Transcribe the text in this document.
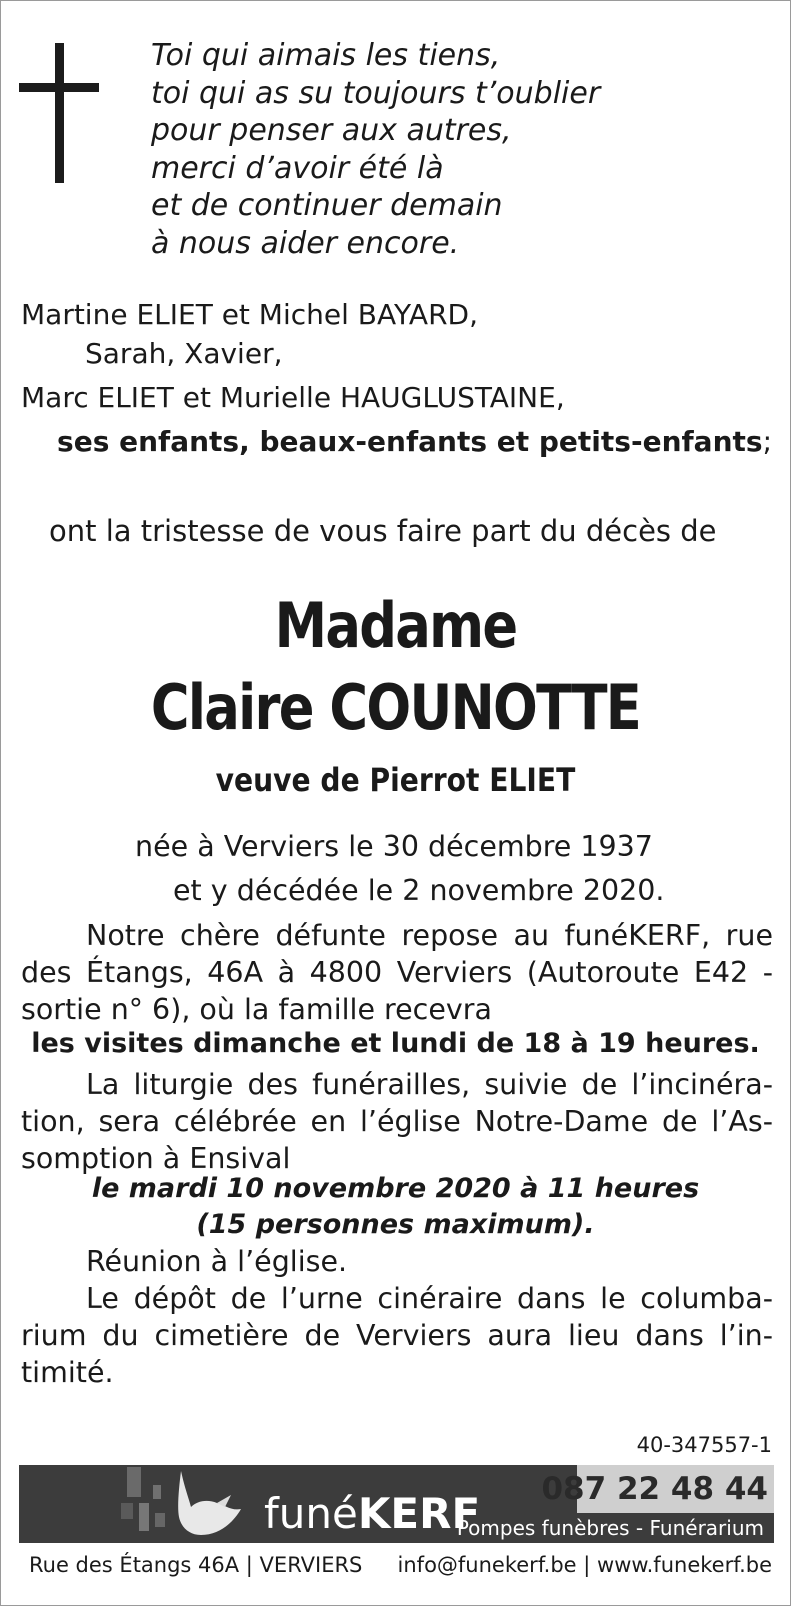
Toi qui aimais les tiens,
toi qui as su toujours t’oublier
pour penser aux autres,
merci d’avoir été là
et de continuer demain
à nous aider encore.
Martine ELIET et Michel BAYARD,
Sarah, Xavier,
Marc ELIET et Murielle HAUGLUSTAINE,
ses enfants, beaux-enfants et petits-enfants;
ont la tristesse de vous faire part du décès de
Madame
Claire COUNOTTE
veuve de Pierrot ELIET
née à Verviers le 30 décembre 1937
et y décédée le 2 novembre 2020.
Notre chère défunte repose au funéKERF, rue
des Étangs, 46A à 4800 Verviers (Autoroute E42 -
sortie n° 6), où la famille recevra
les visites dimanche et lundi de 18 à 19 heures.
La liturgie des funérailles, suivie de l’incinéra-
tion, sera célébrée en l’église Notre-Dame de l’As-
somption à Ensival
le mardi 10 novembre 2020 à 11 heures
(15 personnes maximum).
Réunion à l’église.
Le dépôt de l’urne cinéraire dans le columba-
rium du cimetière de Verviers aura lieu dans l’in-
timité.
40-347557-1
funéKERF 087 22 48 44
Pompes funèbres - Funérarium
Rue des Étangs 46A | VERVIERS info@funekerf.be | www.funekerf.be
